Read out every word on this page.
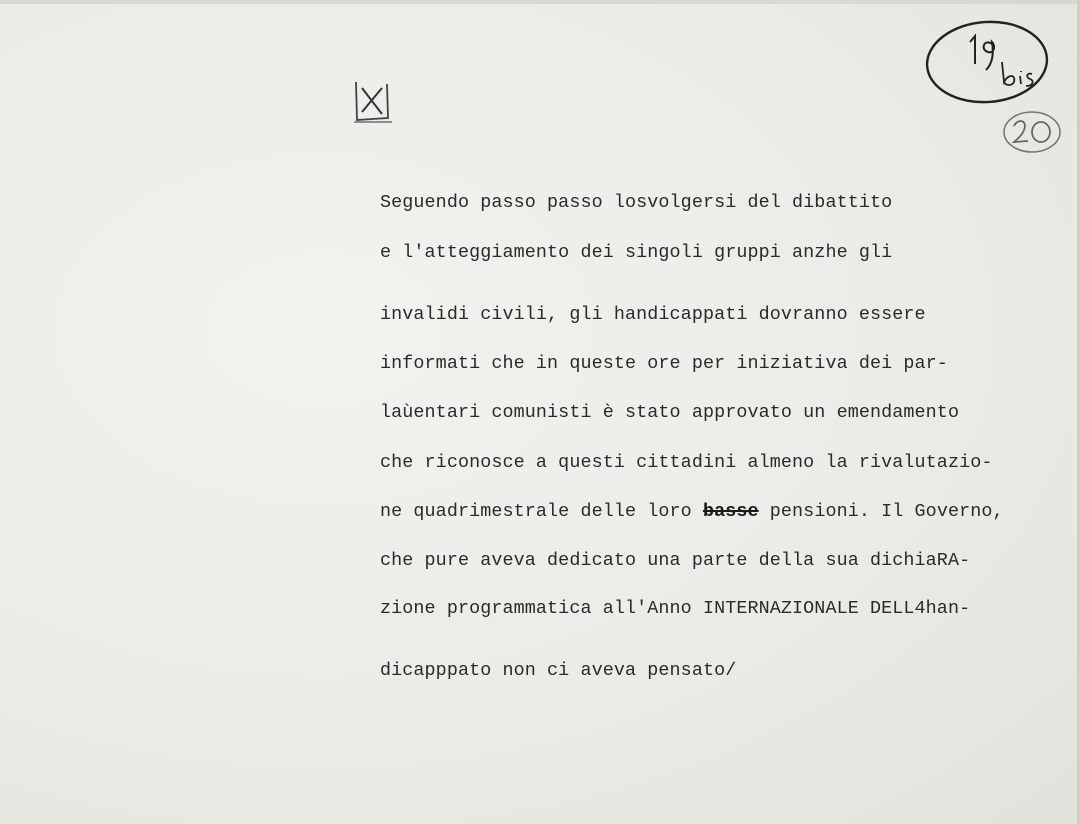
Seguendo passo passo losvolgersi del dibattito

e l'atteggiamento dei singoli gruppi anzhe gli

invalidi civili, gli handicappati dovranno essere

informati che in queste ore per iniziativa dei par-

laùentari comunisti è stato approvato un emendamento

che riconosce a questi cittadini almeno la rivalutazio-

ne quadrimestrale delle loro basse pensioni. Il Governo,

che pure aveva dedicato una parte della sua dichiaRA-

zione programmatica all'Anno INTERNAZIONALE DELL4han-

dicapppato non ci aveva pensato/
